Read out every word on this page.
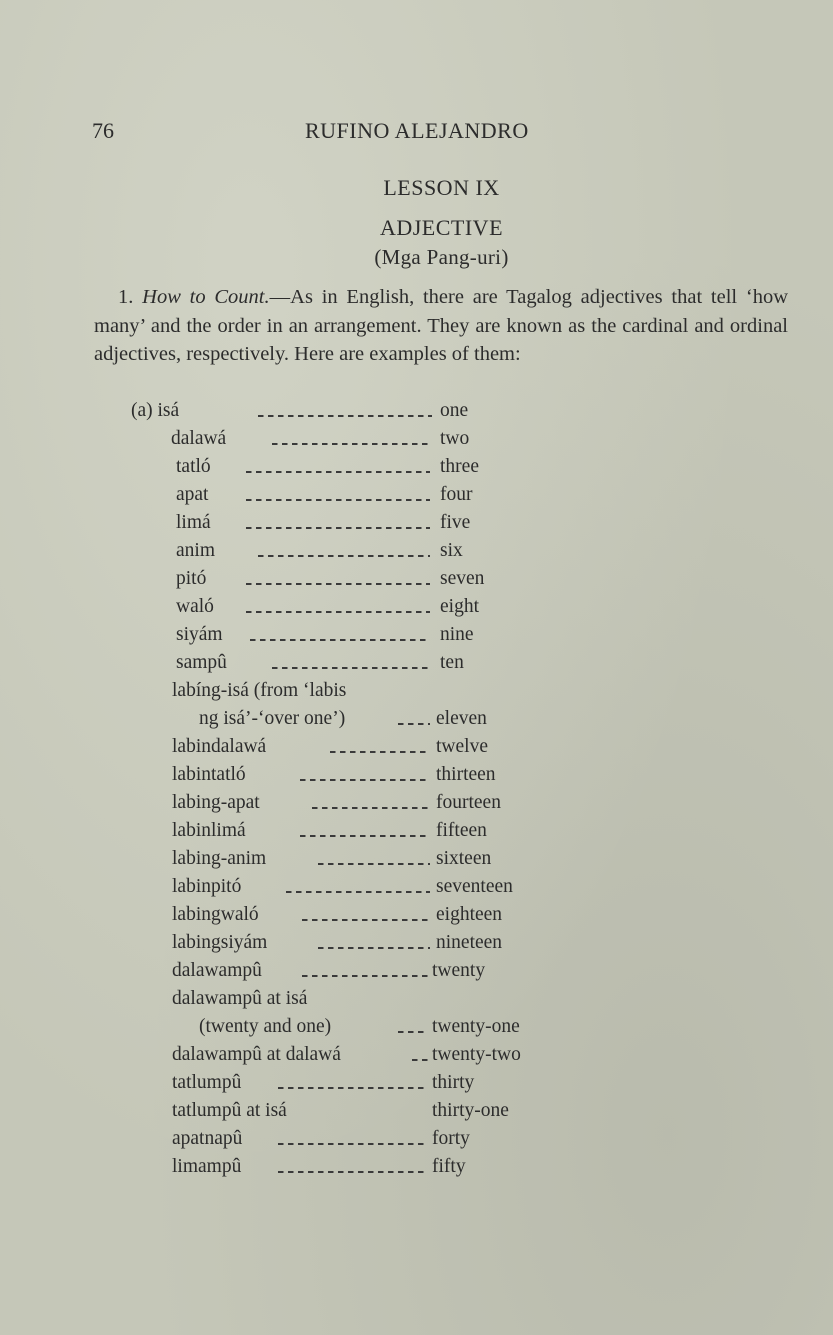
76	RUFINO ALEJANDRO
LESSON IX
ADJECTIVE
(Mga Pang-uri)
1. How to Count.—As in English, there are Tagalog adjectives that tell ‘how many’ and the order in an arrangement. They are known as the cardinal and ordinal adjectives, respectively. Here are examples of them:
(a) isá	one
dalawá	two
tatló	three
apat	four
limá	five
anim	six
pitó	seven
waló	eight
siyám	nine
sampû	ten
labíng-isá (from ‘labis
ng isá’-‘over one’)	eleven
labindalawá	twelve
labintatló	thirteen
labing-apat	fourteen
labinlimá	fifteen
labing-anim	sixteen
labinpitó	seventeen
labingwaló	eighteen
labingsiyám	nineteen
dalawampû	twenty
dalawampû at isá
(twenty and one)	twenty-one
dalawampû at dalawá	twenty-two
tatlumpû	thirty
tatlumpû at isá	thirty-one
apatnapû	forty
limampû	fifty
